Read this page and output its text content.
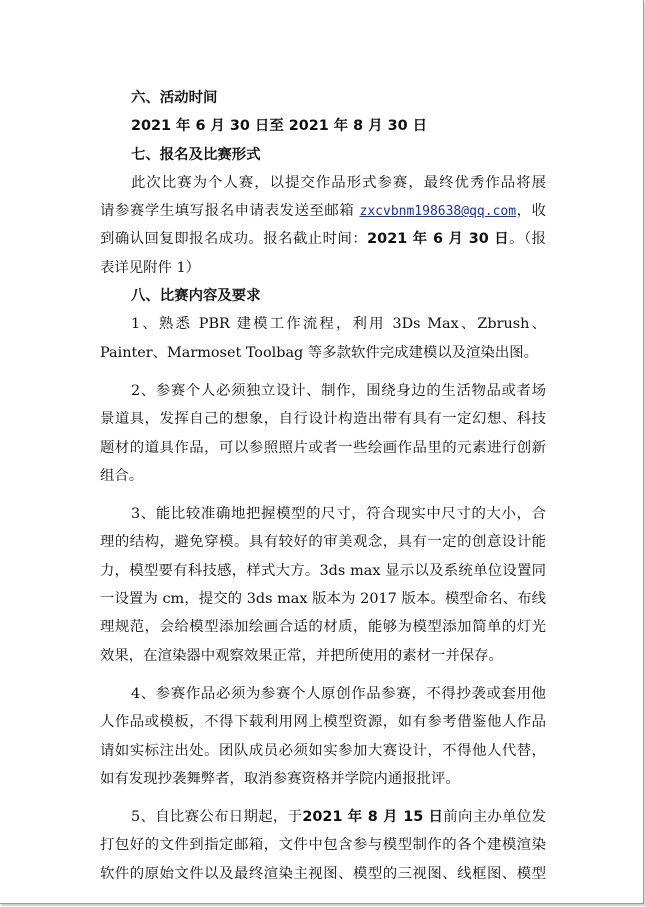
六、活动时间
2021 年 6 月 30 日至 2021 年 8 月 30 日
七、报名及比赛形式
此次比赛为个人赛，以提交作品形式参赛，最终优秀作品将展
请参赛学生填写报名申请表发送至邮箱 zxcvbnm198638@qq.com，收
到确认回复即报名成功。报名截止时间：2021 年 6 月 30 日。（报
表详见附件 1）
八、比赛内容及要求
1、熟悉 PBR 建模工作流程，利用 3Ds Max、Zbrush、
Painter、Marmoset Toolbag 等多款软件完成建模以及渲染出图。
2、参赛个人必须独立设计、制作，围绕身边的生活物品或者场
景道具，发挥自己的想象，自行设计构造出带有具有一定幻想、科技
题材的道具作品，可以参照照片或者一些绘画作品里的元素进行创新
组合。
3、能比较准确地把握模型的尺寸，符合现实中尺寸的大小，合
理的结构，避免穿模。具有较好的审美观念，具有一定的创意设计能
力，模型要有科技感，样式大方。3ds max 显示以及系统单位设置同
一设置为 cm，提交的 3ds max 版本为 2017 版本。模型命名、布线
理规范，会给模型添加绘画合适的材质，能够为模型添加简单的灯光
效果，在渲染器中观察效果正常，并把所使用的素材一并保存。
4、参赛作品必须为参赛个人原创作品参赛，不得抄袭或套用他
人作品或模板，不得下载利用网上模型资源，如有参考借鉴他人作品
请如实标注出处。团队成员必须如实参加大赛设计，不得他人代替，
如有发现抄袭舞弊者，取消参赛资格并学院内通报批评。
5、自比赛公布日期起，于2021 年 8 月 15 日前向主办单位发
打包好的文件到指定邮箱，文件中包含参与模型制作的各个建模渲染
软件的原始文件以及最终渲染主视图、模型的三视图、线框图、模型
